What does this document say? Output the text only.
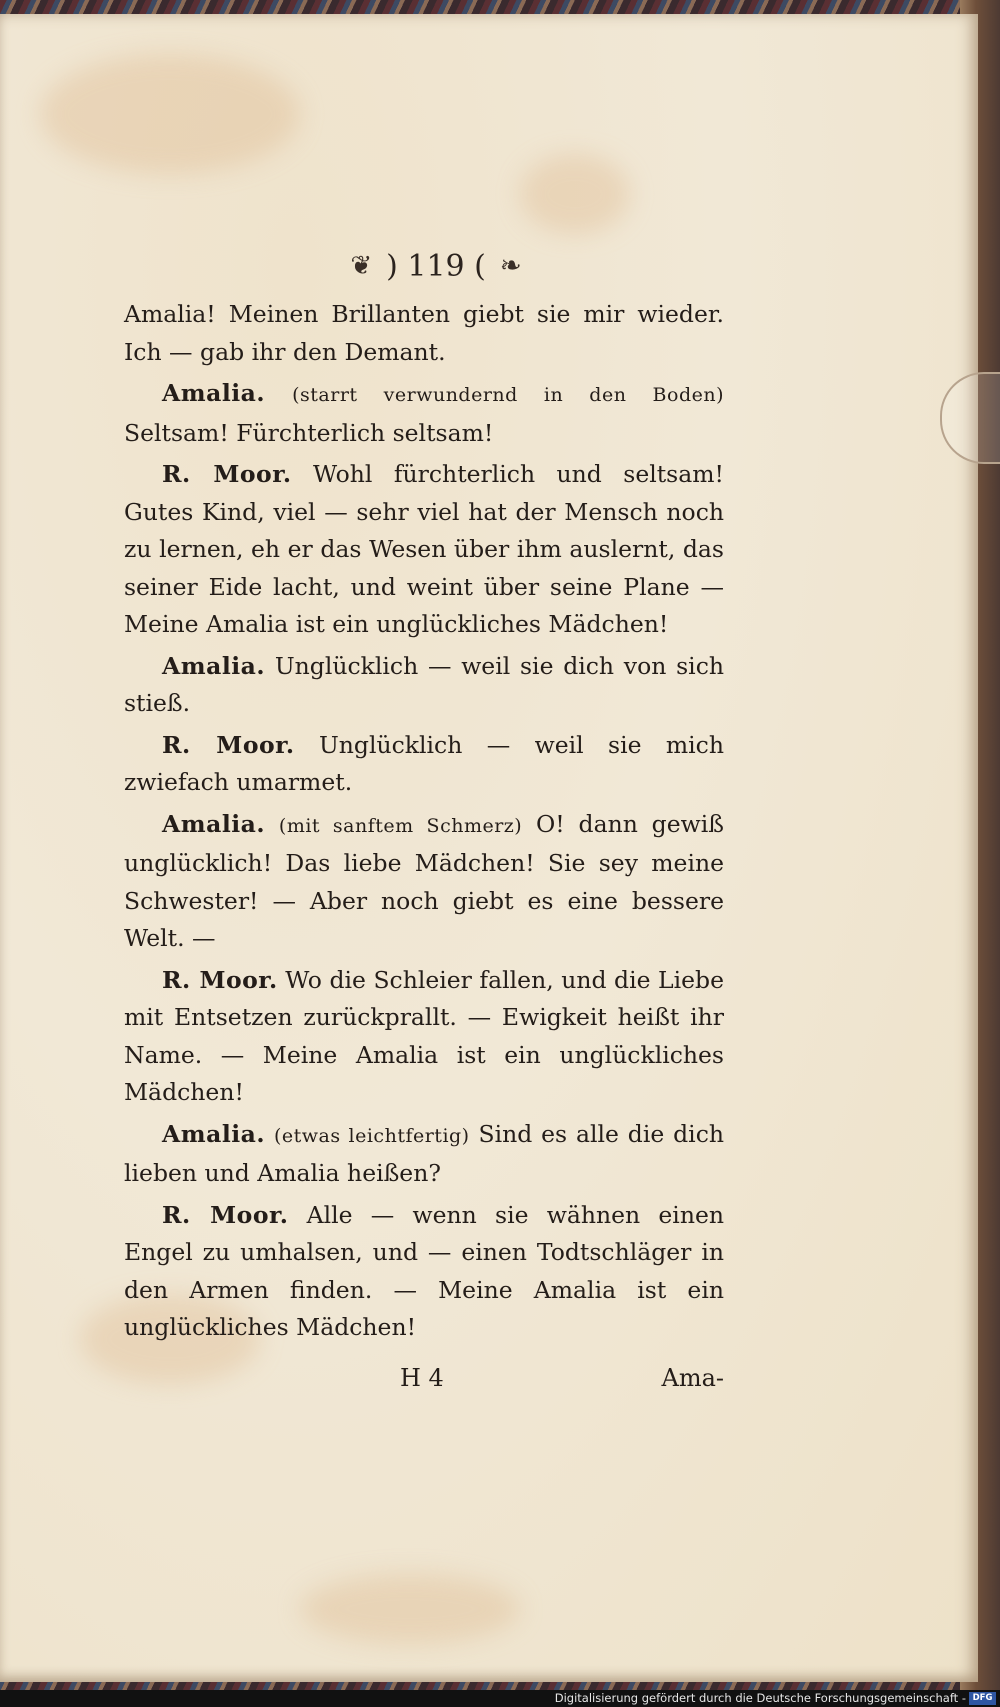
❦ ) 119 ( ❧

Amalia! Meinen Brillanten giebt sie mir wieder. Ich — gab ihr den Demant.

Amalia. (starrt verwundernd in den Boden) Seltsam! Fürchterlich seltsam!

R. Moor. Wohl fürchterlich und seltsam! Gutes Kind, viel — sehr viel hat der Mensch noch zu lernen, eh er das Wesen über ihm auslernt, das seiner Eide lacht, und weint über seine Plane — Meine Amalia ist ein unglückliches Mädchen!

Amalia. Unglücklich — weil sie dich von sich stieß.

R. Moor. Unglücklich — weil sie mich zwiefach umarmet.

Amalia. (mit sanftem Schmerz) O! dann gewiß unglücklich! Das liebe Mädchen! Sie sey meine Schwester! — Aber noch giebt es eine bessere Welt. —

R. Moor. Wo die Schleier fallen, und die Liebe mit Entsetzen zurückprallt. — Ewigkeit heißt ihr Name. — Meine Amalia ist ein unglückliches Mädchen!

Amalia. (etwas leichtfertig) Sind es alle die dich lieben und Amalia heißen?

R. Moor. Alle — wenn sie wähnen einen Engel zu umhalsen, und — einen Todtschläger in den Armen finden. — Meine Amalia ist ein unglückliches Mädchen!

H 4	Ama-
Digitalisierung gefördert durch die Deutsche Forschungsgemeinschaft - DFG
